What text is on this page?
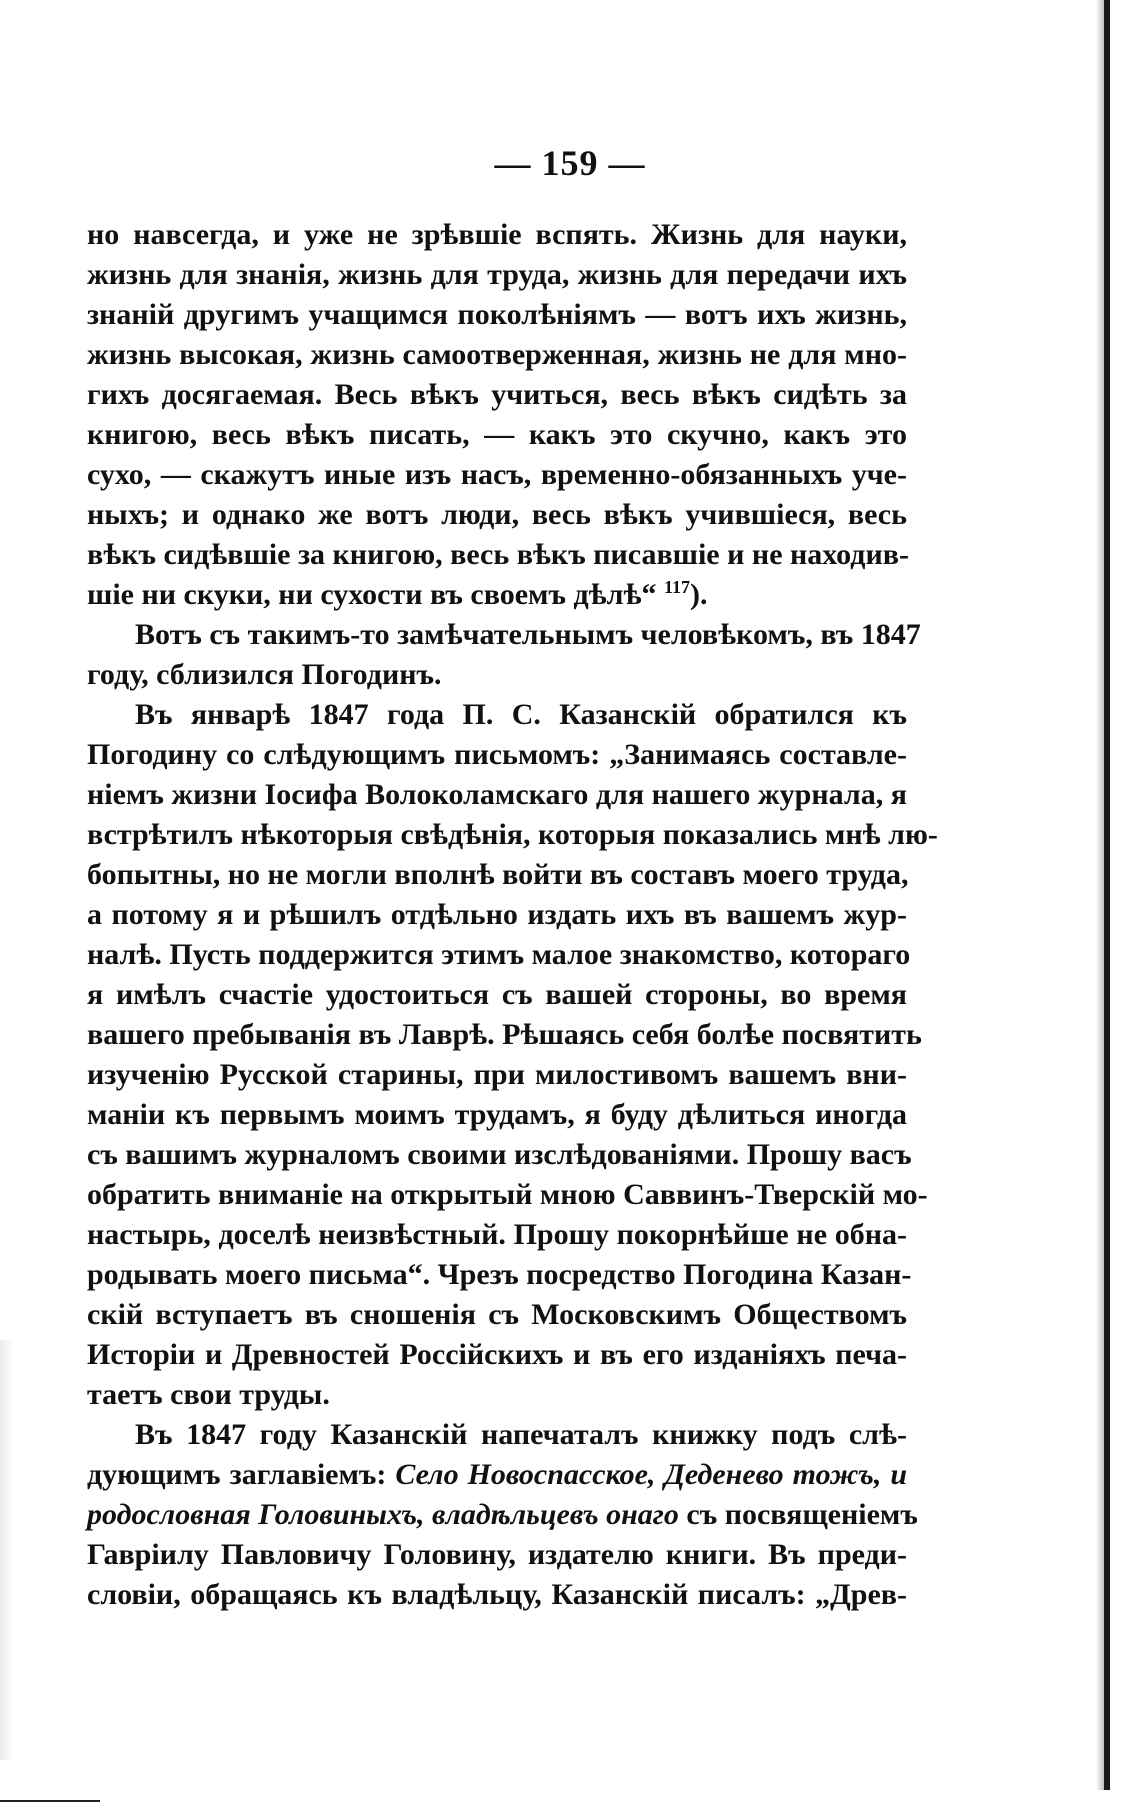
— 159 —
но навсегда, и уже не зрѣвшіе вспять. Жизнь для науки,
жизнь для знанія, жизнь для труда, жизнь для передачи ихъ
знаній другимъ учащимся поколѣніямъ — вотъ ихъ жизнь,
жизнь высокая, жизнь самоотверженная, жизнь не для мно-
гихъ досягаемая. Весь вѣкъ учиться, весь вѣкъ сидѣть за
книгою, весь вѣкъ писать, — какъ это скучно, какъ это
сухо, — скажутъ иные изъ насъ, временно-обязанныхъ уче-
ныхъ; и однако же вотъ люди, весь вѣкъ учившіеся, весь
вѣкъ сидѣвшіе за книгою, весь вѣкъ писавшіе и не находив-
шіе ни скуки, ни сухости въ своемъ дѣлѣ“ $^{117}$).
Вотъ съ такимъ-то замѣчательнымъ человѣкомъ, въ 1847
году, сблизился Погодинъ.
Въ январѣ 1847 года П. С. Казанскій обратился къ
Погодину со слѣдующимъ письмомъ: „Занимаясь составле-
ніемъ жизни Іосифа Волоколамскаго для нашего журнала, я
встрѣтилъ нѣкоторыя свѣдѣнія, которыя показались мнѣ лю-
бопытны, но не могли вполнѣ войти въ составъ моего труда,
а потому я и рѣшилъ отдѣльно издать ихъ въ вашемъ жур-
налѣ. Пусть поддержится этимъ малое знакомство, котораго
я имѣлъ счастіе удостоиться съ вашей стороны, во время
вашего пребыванія въ Лаврѣ. Рѣшаясь себя болѣе посвятить
изученію Русской старины, при милостивомъ вашемъ вни-
маніи къ первымъ моимъ трудамъ, я буду дѣлиться иногда
съ вашимъ журналомъ своими изслѣдованіями. Прошу васъ
обратить вниманіе на открытый мною Саввинъ-Тверскій мо-
настырь, доселѣ неизвѣстный. Прошу покорнѣйше не обна-
родывать моего письма“. Чрезъ посредство Погодина Казан-
скій вступаетъ въ сношенія съ Московскимъ Обществомъ
Исторіи и Древностей Россійскихъ и въ его изданіяхъ печа-
таетъ свои труды.
Въ 1847 году Казанскій напечаталъ книжку подъ слѣ-
дующимъ заглавіемъ: Село Новоспасское, Деденево тожъ, и
родословная Головиныхъ, владѣльцевъ онаго съ посвященіемъ
Гавріилу Павловичу Головину, издателю книги. Въ преди-
словіи, обращаясь къ владѣльцу, Казанскій писалъ: „Древ-
